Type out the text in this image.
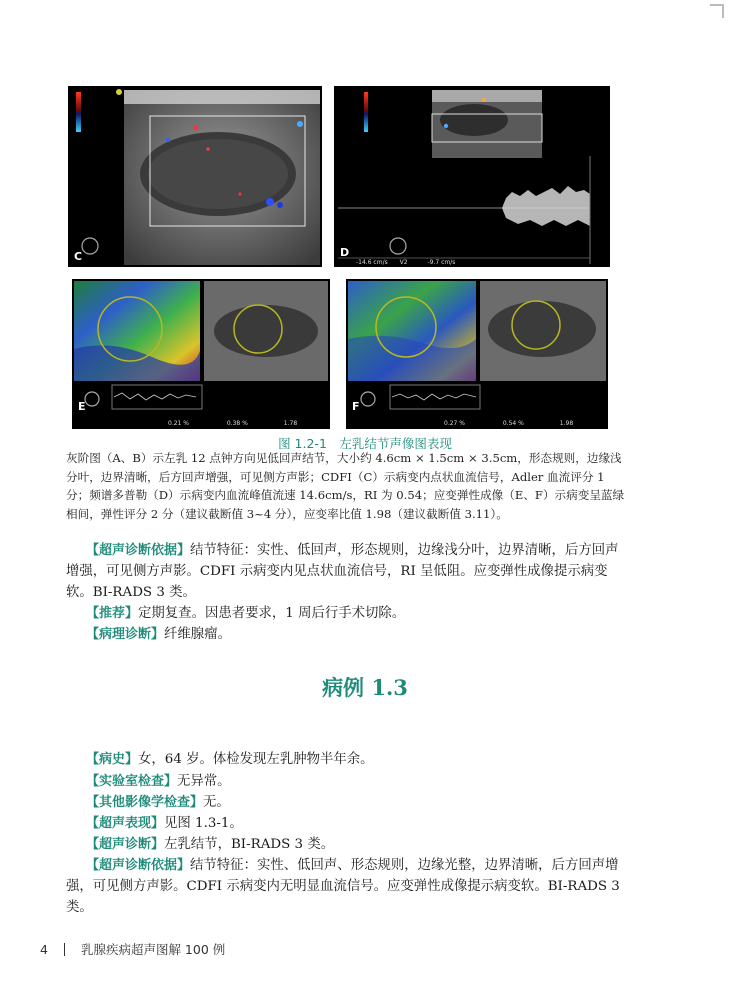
C	D
-14.6 cm/s V2	-9.7 cm/s
E
0.21 %	0.38 %	1.78
F
0.27 %	0.54 %	1.98
图 1.2-1　左乳结节声像图表现

灰阶图（A、B）示左乳 12 点钟方向见低回声结节，大小约 4.6cm × 1.5cm × 3.5cm，形态规则，边缘浅分叶，边界清晰，后方回声增强，可见侧方声影；CDFI（C）示病变内点状血流信号，Adler 血流评分 1 分；频谱多普勒（D）示病变内血流峰值流速 14.6cm/s，RI 为 0.54；应变弹性成像（E、F）示病变呈蓝绿相间，弹性评分 2 分（建议截断值 3~4 分），应变率比值 1.98（建议截断值 3.11）。

【超声诊断依据】结节特征：实性、低回声，形态规则，边缘浅分叶，边界清晰，后方回声增强，可见侧方声影。CDFI 示病变内见点状血流信号，RI 呈低阻。应变弹性成像提示病变软。BI-RADS 3 类。

【推荐】定期复查。因患者要求，1 周后行手术切除。

【病理诊断】纤维腺瘤。

病例 1.3

【病史】女，64 岁。体检发现左乳肿物半年余。

【实验室检查】无异常。

【其他影像学检查】无。

【超声表现】见图 1.3-1。

【超声诊断】左乳结节，BI-RADS 3 类。

【超声诊断依据】结节特征：实性、低回声、形态规则，边缘光整，边界清晰，后方回声增强，可见侧方声影。CDFI 示病变内无明显血流信号。应变弹性成像提示病变软。BI-RADS 3 类。

4	乳腺疾病超声图解 100 例
